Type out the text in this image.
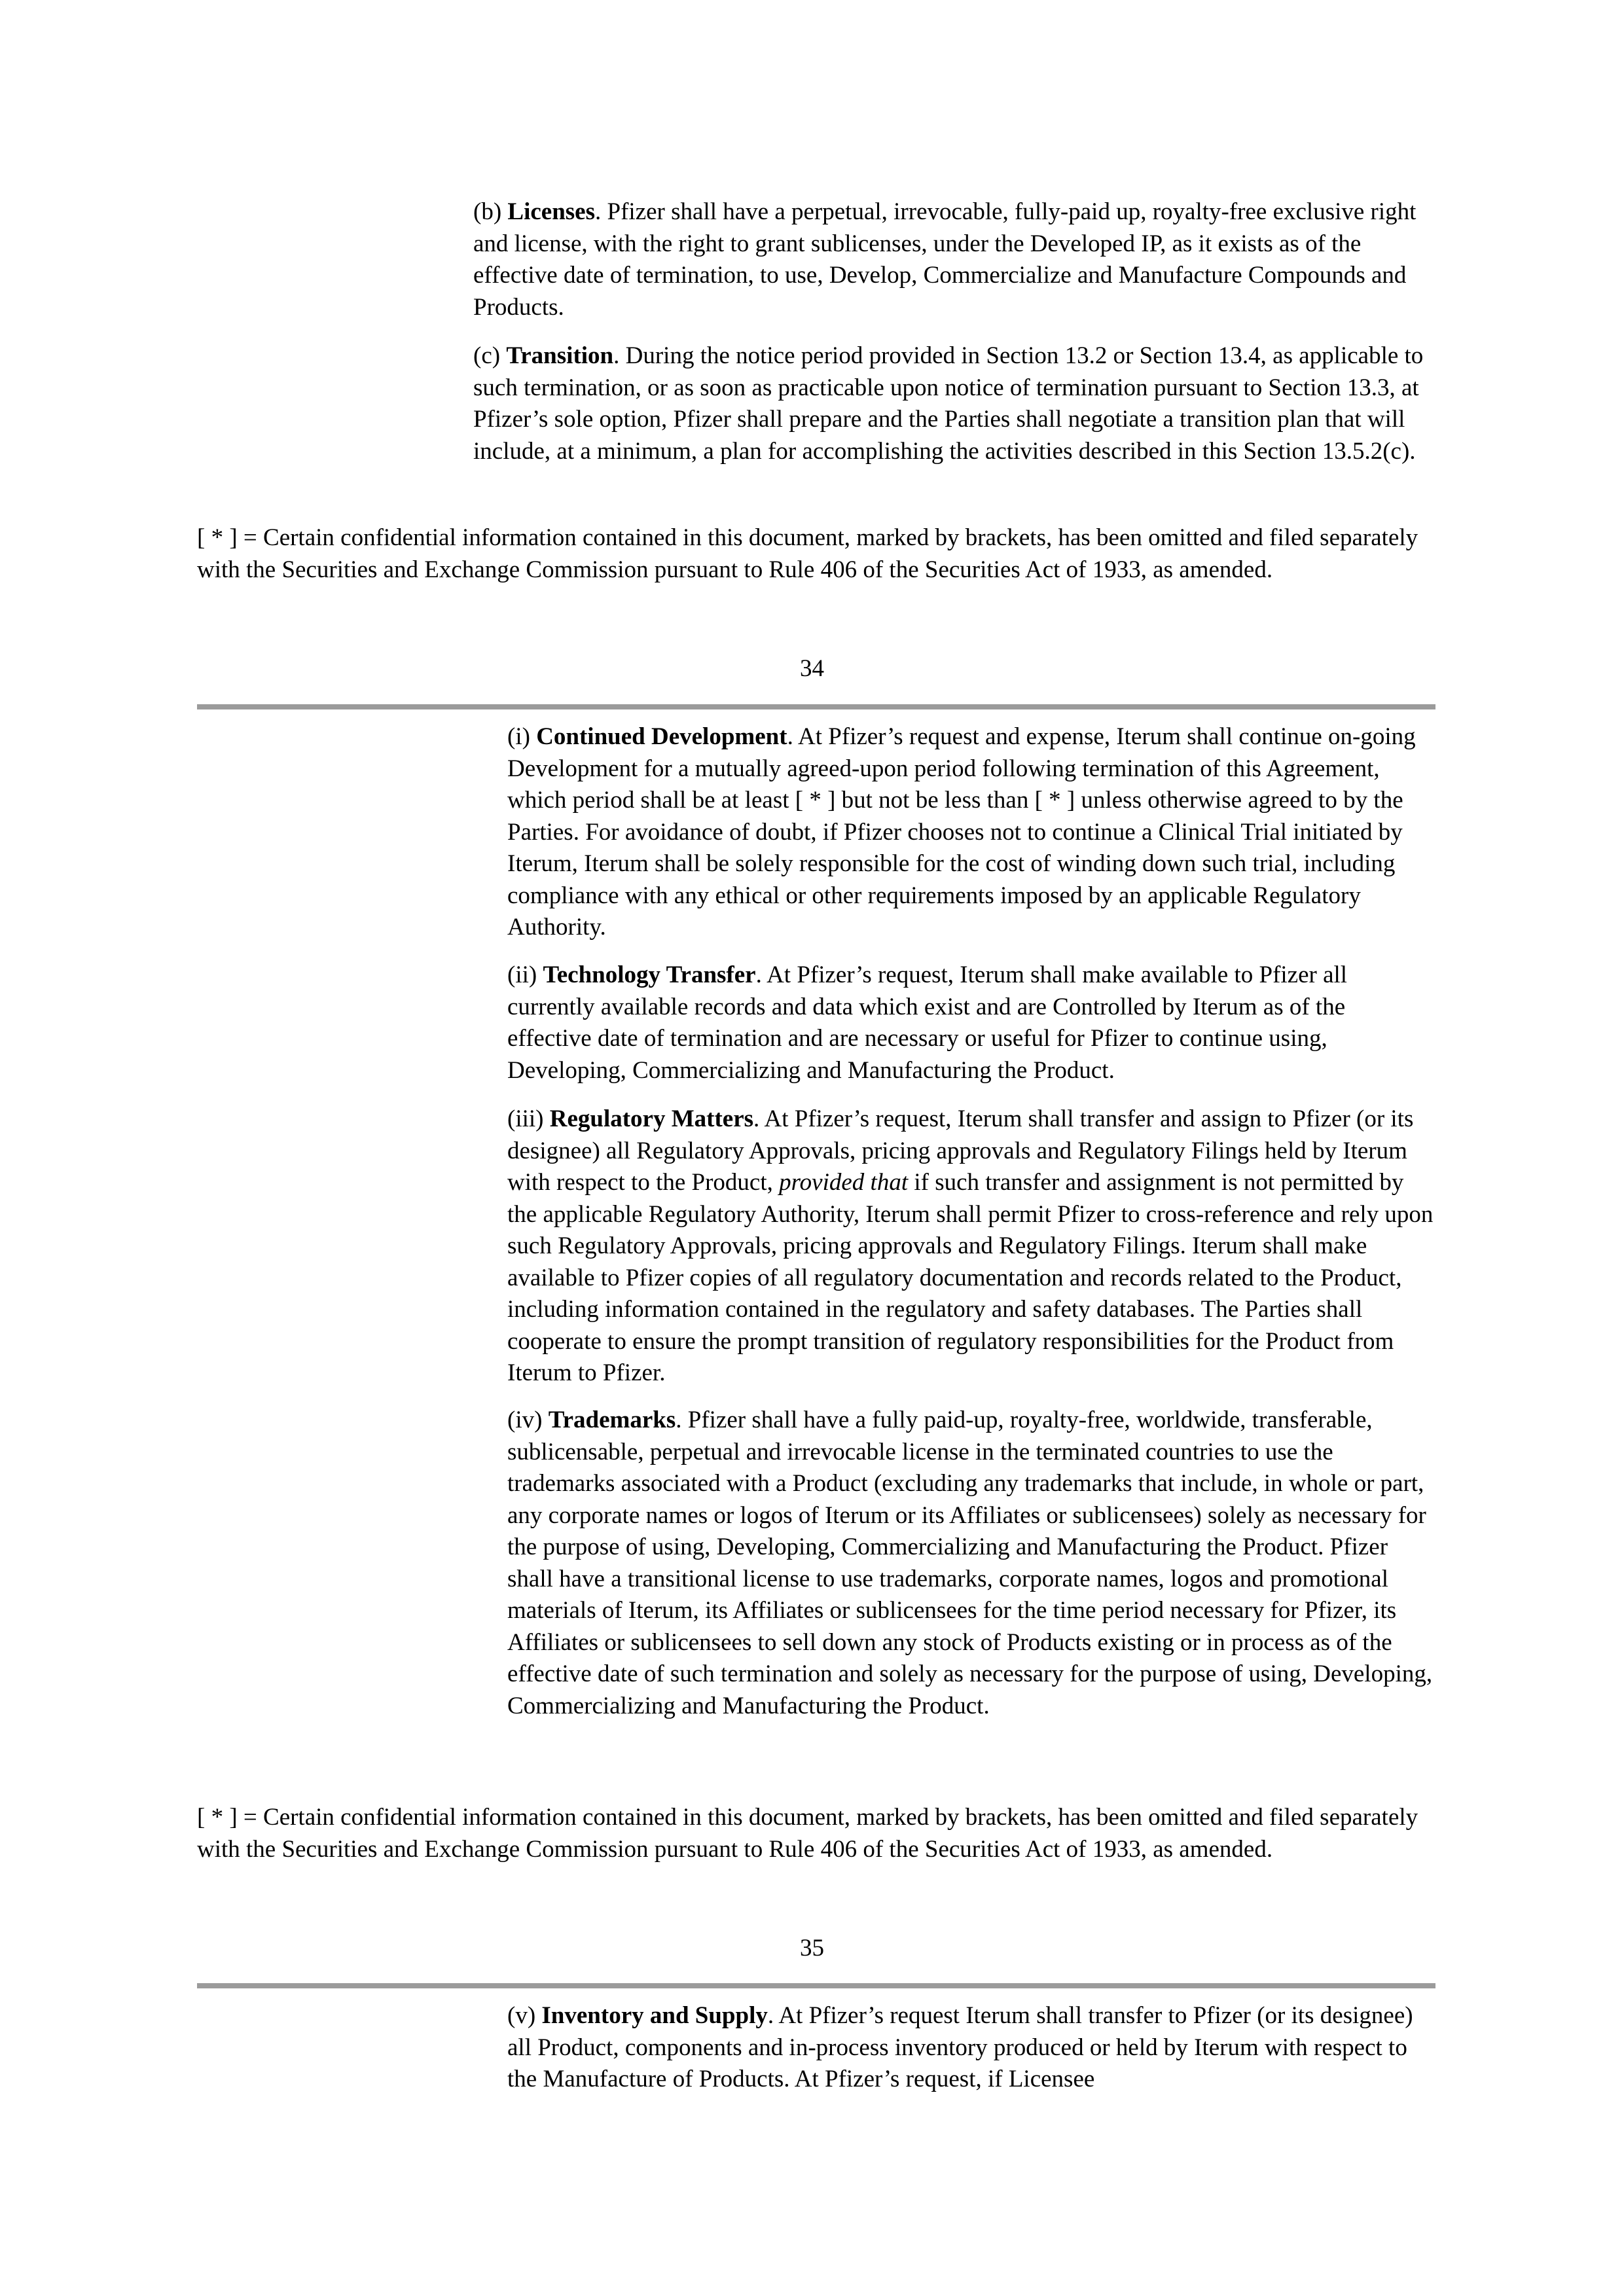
(b) Licenses. Pfizer shall have a perpetual, irrevocable, fully-paid up, royalty-free exclusive right and license, with the right to grant sublicenses, under the Developed IP, as it exists as of the effective date of termination, to use, Develop, Commercialize and Manufacture Compounds and Products.

(c) Transition. During the notice period provided in Section 13.2 or Section 13.4, as applicable to such termination, or as soon as practicable upon notice of termination pursuant to Section 13.3, at Pfizer’s sole option, Pfizer shall prepare and the Parties shall negotiate a transition plan that will include, at a minimum, a plan for accomplishing the activities described in this Section 13.5.2(c).

[ * ] = Certain confidential information contained in this document, marked by brackets, has been omitted and filed separately with the Securities and Exchange Commission pursuant to Rule 406 of the Securities Act of 1933, as amended.

34

(i) Continued Development. At Pfizer’s request and expense, Iterum shall continue on-going Development for a mutually agreed-upon period following termination of this Agreement, which period shall be at least [ * ] but not be less than [ * ] unless otherwise agreed to by the Parties. For avoidance of doubt, if Pfizer chooses not to continue a Clinical Trial initiated by Iterum, Iterum shall be solely responsible for the cost of winding down such trial, including compliance with any ethical or other requirements imposed by an applicable Regulatory Authority.

(ii) Technology Transfer. At Pfizer’s request, Iterum shall make available to Pfizer all currently available records and data which exist and are Controlled by Iterum as of the effective date of termination and are necessary or useful for Pfizer to continue using, Developing, Commercializing and Manufacturing the Product.

(iii) Regulatory Matters. At Pfizer’s request, Iterum shall transfer and assign to Pfizer (or its designee) all Regulatory Approvals, pricing approvals and Regulatory Filings held by Iterum with respect to the Product, provided that if such transfer and assignment is not permitted by the applicable Regulatory Authority, Iterum shall permit Pfizer to cross-reference and rely upon such Regulatory Approvals, pricing approvals and Regulatory Filings. Iterum shall make available to Pfizer copies of all regulatory documentation and records related to the Product, including information contained in the regulatory and safety databases. The Parties shall cooperate to ensure the prompt transition of regulatory responsibilities for the Product from Iterum to Pfizer.

(iv) Trademarks. Pfizer shall have a fully paid-up, royalty-free, worldwide, transferable, sublicensable, perpetual and irrevocable license in the terminated countries to use the trademarks associated with a Product (excluding any trademarks that include, in whole or part, any corporate names or logos of Iterum or its Affiliates or sublicensees) solely as necessary for the purpose of using, Developing, Commercializing and Manufacturing the Product. Pfizer shall have a transitional license to use trademarks, corporate names, logos and promotional materials of Iterum, its Affiliates or sublicensees for the time period necessary for Pfizer, its Affiliates or sublicensees to sell down any stock of Products existing or in process as of the effective date of such termination and solely as necessary for the purpose of using, Developing, Commercializing and Manufacturing the Product.

[ * ] = Certain confidential information contained in this document, marked by brackets, has been omitted and filed separately with the Securities and Exchange Commission pursuant to Rule 406 of the Securities Act of 1933, as amended.

35

(v) Inventory and Supply. At Pfizer’s request Iterum shall transfer to Pfizer (or its designee) all Product, components and in-process inventory produced or held by Iterum with respect to the Manufacture of Products. At Pfizer’s request, if Licensee
